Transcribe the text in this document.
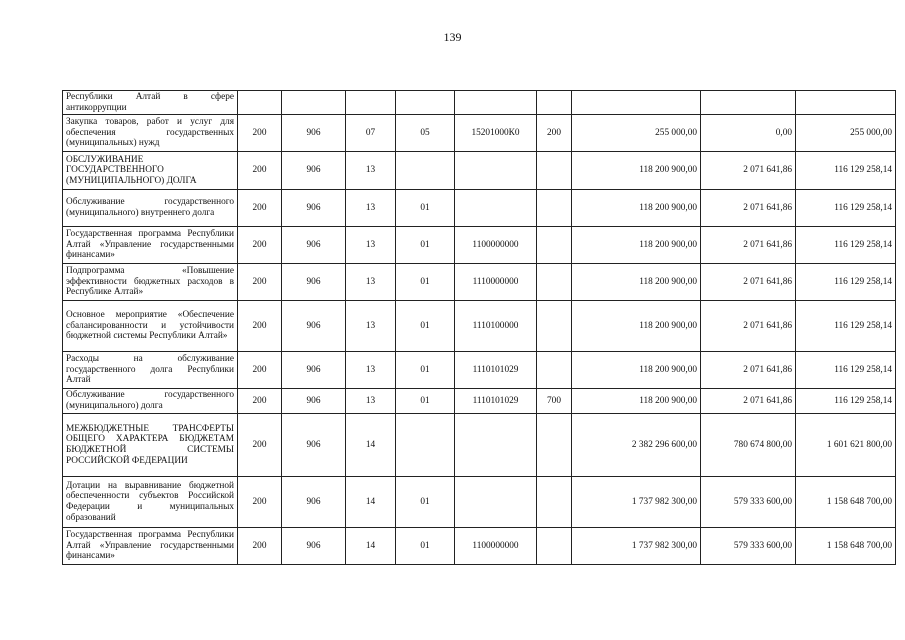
139
Республики Алтай в сфере антикоррупции									
Закупка товаров, работ и услуг для обеспечения государственных (муниципальных) нужд	200	906	07	05	15201000К0	200	255 000,00	0,00	255 000,00
ОБСЛУЖИВАНИЕ ГОСУДАРСТВЕННОГО (МУНИЦИПАЛЬНОГО) ДОЛГА	200	906	13				118 200 900,00	2 071 641,86	116 129 258,14
Обслуживание государственного (муниципального) внутреннего долга	200	906	13	01			118 200 900,00	2 071 641,86	116 129 258,14
Государственная программа Республики Алтай «Управление государственными финансами»	200	906	13	01	1100000000		118 200 900,00	2 071 641,86	116 129 258,14
Подпрограмма «Повышение эффективности бюджетных расходов в Республике Алтай»	200	906	13	01	1110000000		118 200 900,00	2 071 641,86	116 129 258,14
Основное мероприятие «Обеспечение сбалансированности и устойчивости бюджетной системы Республики Алтай»	200	906	13	01	1110100000		118 200 900,00	2 071 641,86	116 129 258,14
Расходы на обслуживание государственного долга Республики Алтай	200	906	13	01	1110101029		118 200 900,00	2 071 641,86	116 129 258,14
Обслуживание государственного (муниципального) долга	200	906	13	01	1110101029	700	118 200 900,00	2 071 641,86	116 129 258,14
МЕЖБЮДЖЕТНЫЕ ТРАНСФЕРТЫ ОБЩЕГО ХАРАКТЕРА БЮДЖЕТАМ БЮДЖЕТНОЙ СИСТЕМЫ РОССИЙСКОЙ ФЕДЕРАЦИИ	200	906	14				2 382 296 600,00	780 674 800,00	1 601 621 800,00
Дотации на выравнивание бюджетной обеспеченности субъектов Российской Федерации и муниципальных образований	200	906	14	01			1 737 982 300,00	579 333 600,00	1 158 648 700,00
Государственная программа Республики Алтай «Управление государственными финансами»	200	906	14	01	1100000000		1 737 982 300,00	579 333 600,00	1 158 648 700,00
